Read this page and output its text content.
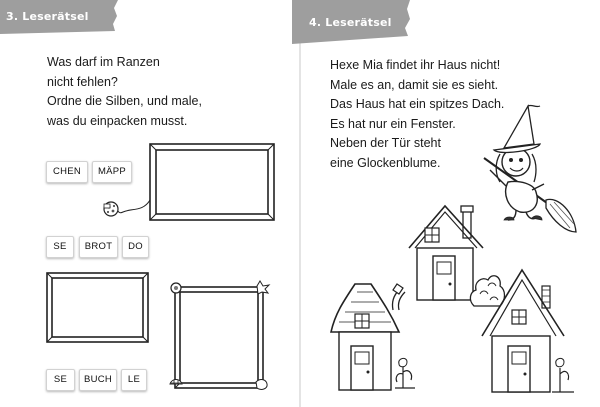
3. Leserätsel
Was darf im Ranzen
nicht fehlen?
Ordne die Silben, und male,
was du einpacken musst.
CHEN	MÄPP
SE	BROT	DO
SE	BUCH	LE
4. Leserätsel
Hexe Mia findet ihr Haus nicht!
Male es an, damit sie es sieht.
Das Haus hat ein spitzes Dach.
Es hat nur ein Fenster.
Neben der Tür steht
eine Glockenblume.
